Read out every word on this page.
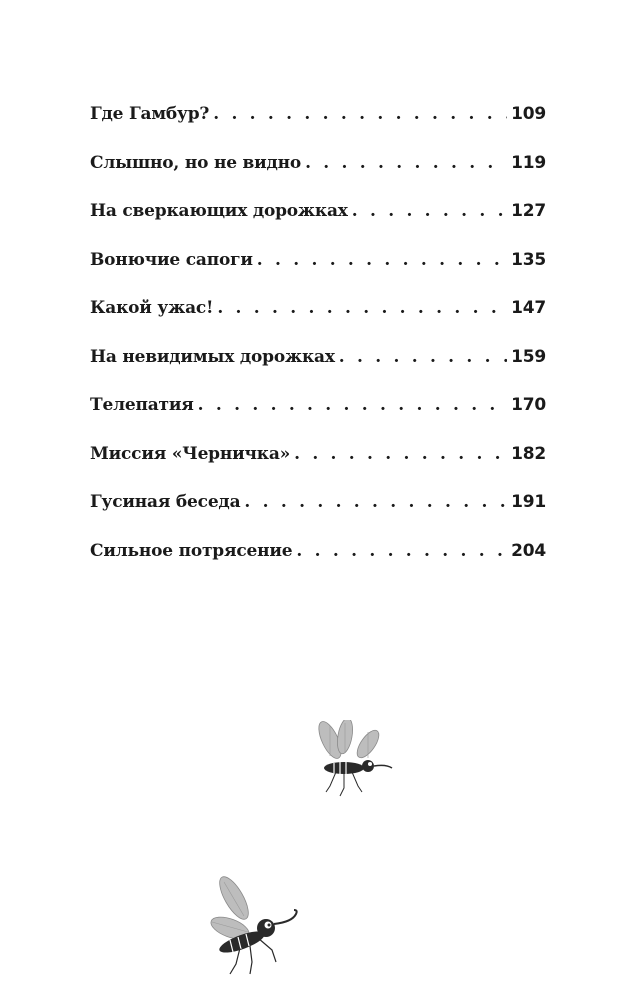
Где Гамбур? . . .	109
Слышно, но не видно . . .	119
На сверкающих дорожках . . .	127
Вонючие сапоги . . .	135
Какой ужас! . . .	147
На невидимых дорожках . . .	159
Телепатия . . .	170
Миссия «Черничка» . . .	182
Гусиная беседа . . .	191
Сильное потрясение . . .	204
